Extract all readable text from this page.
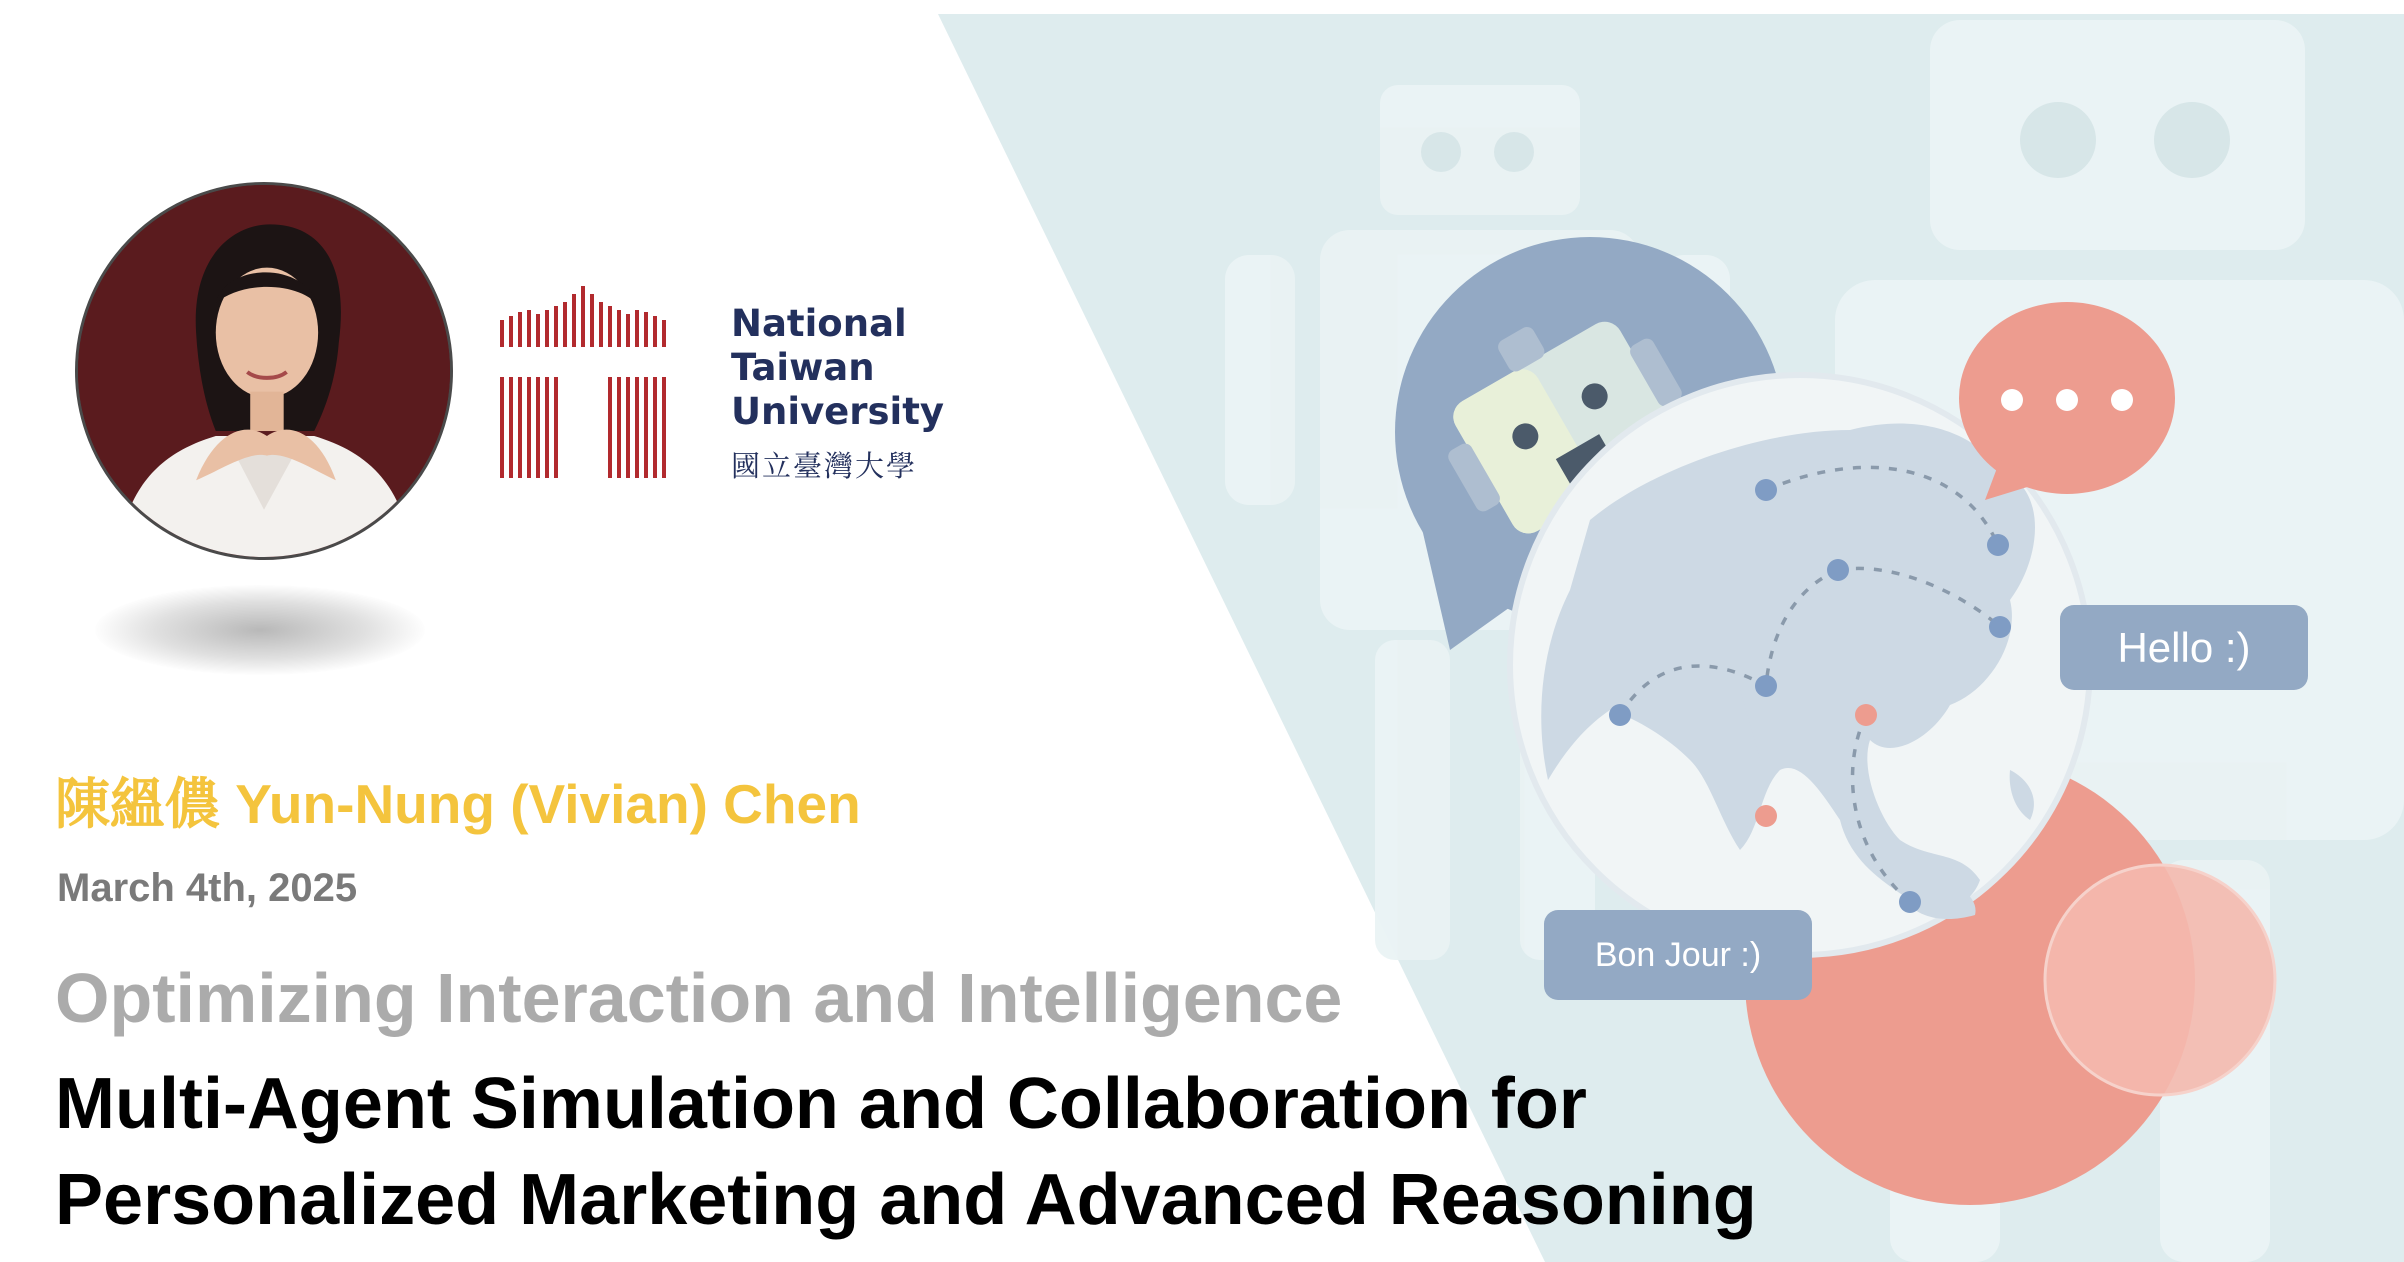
Hello :)
Bon Jour :)
National
Taiwan
University
國立臺灣大學
陳縕儂 Yun-Nung (Vivian) Chen
March 4th, 2025
Optimizing Interaction and Intelligence
Multi-Agent Simulation and Collaboration for
Personalized Marketing and Advanced Reasoning
